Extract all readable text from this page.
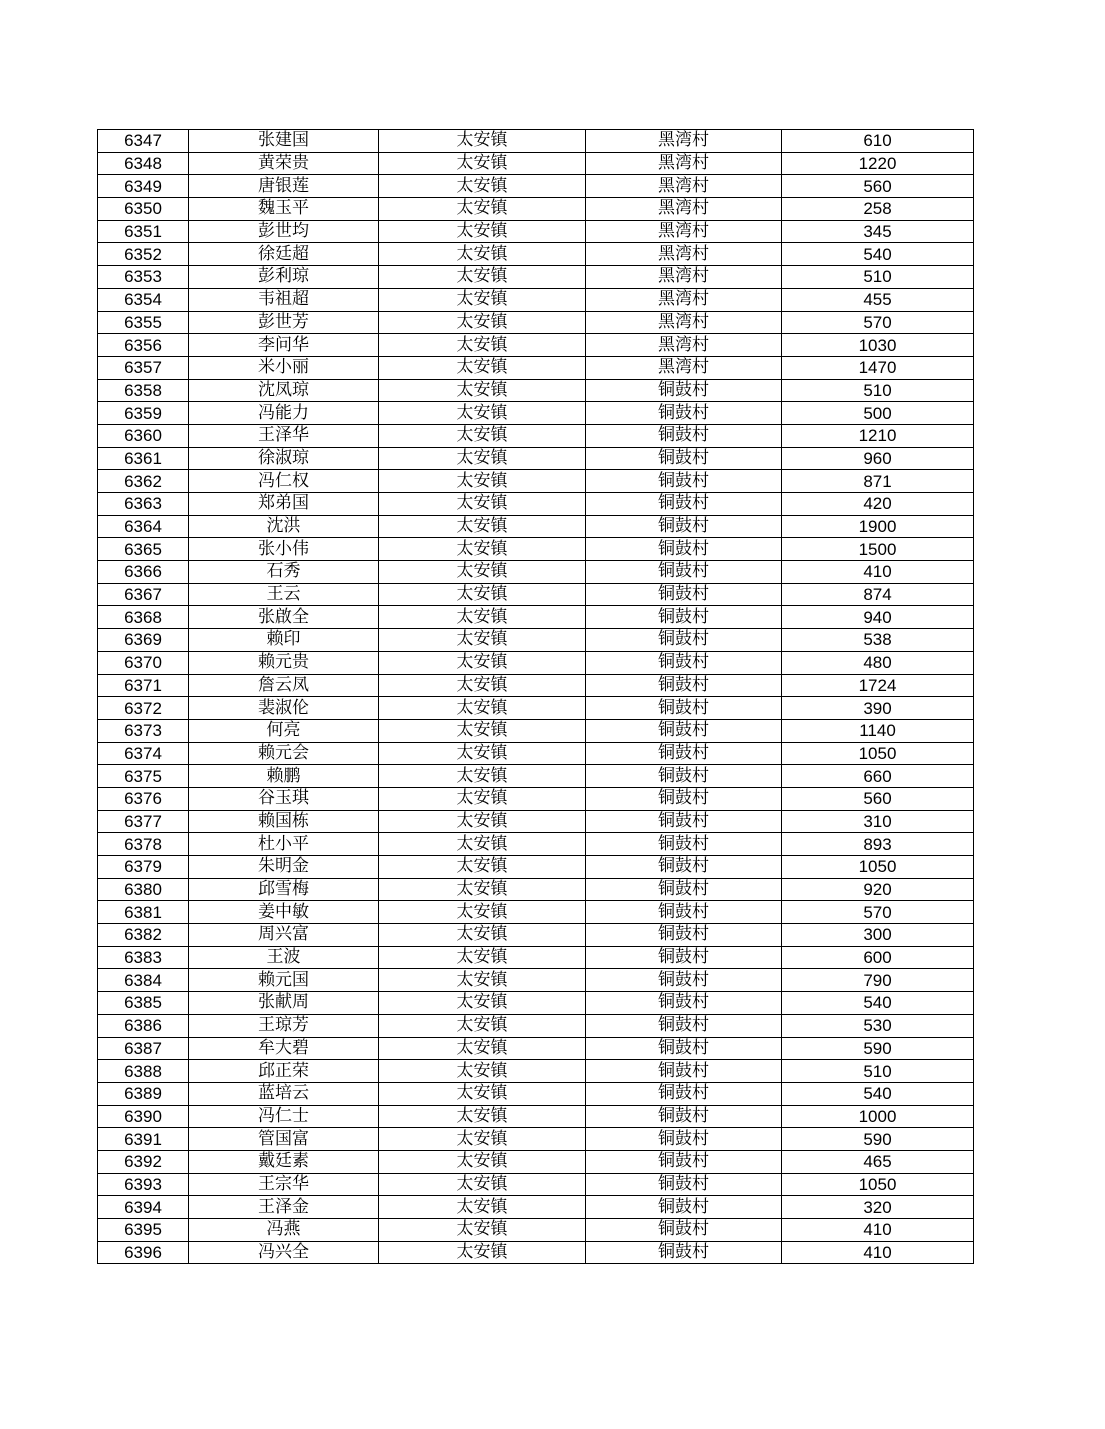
6347	张建国	太安镇	黑湾村	610
6348	黄荣贵	太安镇	黑湾村	1220
6349	唐银莲	太安镇	黑湾村	560
6350	魏玉平	太安镇	黑湾村	258
6351	彭世均	太安镇	黑湾村	345
6352	徐廷超	太安镇	黑湾村	540
6353	彭利琼	太安镇	黑湾村	510
6354	韦祖超	太安镇	黑湾村	455
6355	彭世芳	太安镇	黑湾村	570
6356	李问华	太安镇	黑湾村	1030
6357	米小丽	太安镇	黑湾村	1470
6358	沈凤琼	太安镇	铜鼓村	510
6359	冯能力	太安镇	铜鼓村	500
6360	王泽华	太安镇	铜鼓村	1210
6361	徐淑琼	太安镇	铜鼓村	960
6362	冯仁权	太安镇	铜鼓村	871
6363	郑弟国	太安镇	铜鼓村	420
6364	沈洪	太安镇	铜鼓村	1900
6365	张小伟	太安镇	铜鼓村	1500
6366	石秀	太安镇	铜鼓村	410
6367	王云	太安镇	铜鼓村	874
6368	张啟全	太安镇	铜鼓村	940
6369	赖印	太安镇	铜鼓村	538
6370	赖元贵	太安镇	铜鼓村	480
6371	詹云凤	太安镇	铜鼓村	1724
6372	裴淑伦	太安镇	铜鼓村	390
6373	何亮	太安镇	铜鼓村	1140
6374	赖元会	太安镇	铜鼓村	1050
6375	赖鹏	太安镇	铜鼓村	660
6376	谷玉琪	太安镇	铜鼓村	560
6377	赖国栋	太安镇	铜鼓村	310
6378	杜小平	太安镇	铜鼓村	893
6379	朱明金	太安镇	铜鼓村	1050
6380	邱雪梅	太安镇	铜鼓村	920
6381	姜中敏	太安镇	铜鼓村	570
6382	周兴富	太安镇	铜鼓村	300
6383	王波	太安镇	铜鼓村	600
6384	赖元国	太安镇	铜鼓村	790
6385	张献周	太安镇	铜鼓村	540
6386	王琼芳	太安镇	铜鼓村	530
6387	牟大碧	太安镇	铜鼓村	590
6388	邱正荣	太安镇	铜鼓村	510
6389	蓝培云	太安镇	铜鼓村	540
6390	冯仁士	太安镇	铜鼓村	1000
6391	管国富	太安镇	铜鼓村	590
6392	戴廷素	太安镇	铜鼓村	465
6393	王宗华	太安镇	铜鼓村	1050
6394	王泽金	太安镇	铜鼓村	320
6395	冯燕	太安镇	铜鼓村	410
6396	冯兴全	太安镇	铜鼓村	410
